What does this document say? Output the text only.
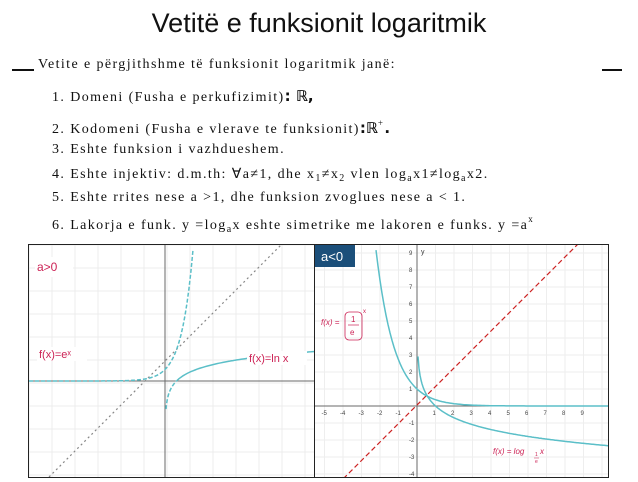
Vetitë e funksionit logaritmik
Vetite e përgjithshme të funksionit logaritmik janë:
1. Domeni (Fusha e perkufizimit): ℝ,
2. Kodomeni (Fusha e vlerave te funksionit):ℝ+.
3. Eshte funksion i vazhdueshem.
4. Eshte injektiv: d.m.th: ∀a≠1, dhe $x_1\ne x_2$ vlen $\log_ax1\ne\log_ax2$.
5. Eshte rrites nese a >1, dhe funksion zvoglues nese a < 1.
6. Lakorja e funk. $y =\log_ax$ eshte simetrike me lakoren e funks. $y =a^x$
a>0
f(x)=eˣ	f(x)=ln x
y
-5 -4 -3 -2 -1	1	2	3	4	5	6	7	8	9
9
8
7
6
5
4
3
2
1
-1
-2
-3
-4
a<0
f(x) = 1
e
x
f(x) = log 1
e
x
